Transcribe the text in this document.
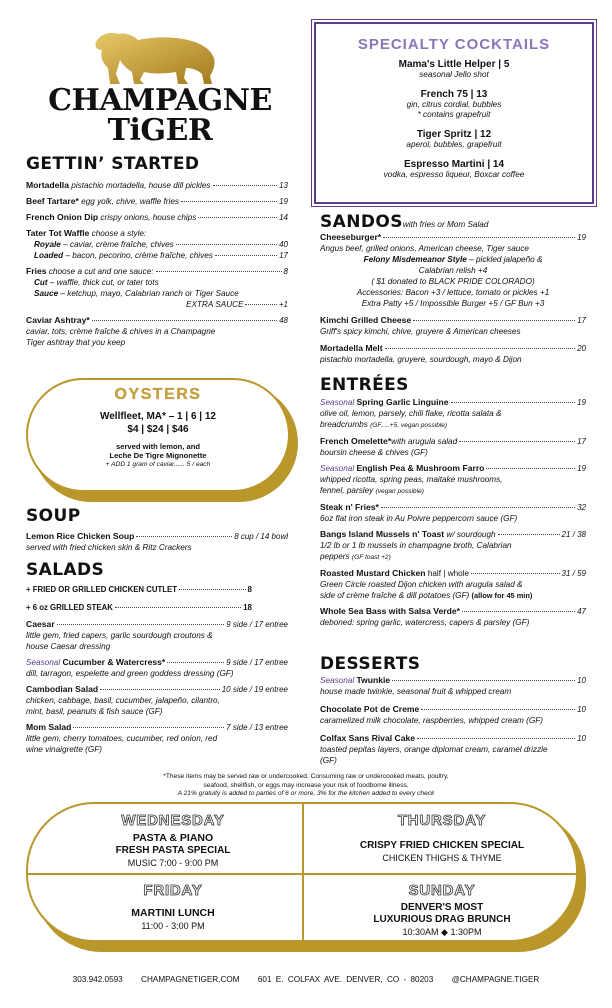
CHAMPAGNE
TiGER
GETTIN’ STARTED
Mortadella pistachio mortadella, house dill pickles	13
Beef Tartare* egg yolk, chive, waffle fries	19
French Onion Dip crispy onions, house chips	14
Tater Tot Waffle choose a style:
Royale – caviar, crème fraîche, chives	40
Loaded – bacon, pecorino, crème fraîche, chives	17
Fries choose a cut and one sauce:	8
Cut – waffle, thick cut, or tater tots
Sauce – ketchup, mayo, Calabrian ranch or Tiger Sauce
EXTRA SAUCE	+1
Caviar Ashtray*	48
caviar, tots, crème fraîche & chives in a Champagne
Tiger ashtray that you keep
OYSTERS
Wellfleet, MA* – 1 | 6 | 12
$4 | $24 | $46
served with lemon, and
Leche De Tigre Mignonette
+ ADD 1 gram of caviar...... 5 / each
SOUP
Lemon Rice Chicken Soup	8 cup / 14 bowl
served with fried chicken skin & Ritz Crackers
SALADS
+ FRIED OR GRILLED CHICKEN CUTLET	8
+ 6 oz GRILLED STEAK	18
Caesar	9 side / 17 entree
little gem, fried capers, garlic sourdough croutons &
house Caesar dressing
Seasonal Cucumber & Watercress*	9 side / 17 entree
dill, tarragon, espelette and green goddess dressing (GF)
Cambodian Salad	10 side / 19 entree
chicken, cabbage, basil, cucumber, jalapeño, cilantro,
mint, basil, peanuts & fish sauce (GF)
Mom Salad	7 side / 13 entree
little gem, cherry tomatoes, cucumber, red onion, red
wine vinaigrette (GF)
SPECIALTY COCKTAILS
Mama's Little Helper | 5
seasonal Jello shot
French 75 | 13
gin, citrus cordial, bubbles
* contains grapefruit
Tiger Spritz | 12
aperol, bubbles, grapefruit
Espresso Martini | 14
vodka, espresso liqueur, Boxcar coffee
SANDOSwith fries or Mom Salad
Cheeseburger*	19
Angus beef, grilled onions, American cheese, Tiger sauce
Felony Misdemeanor Style – pickled jalapeño &
Calabrian relish +4
( $1 donated to BLACK PRIDE COLORADO)
Accessories: Bacon +3 / lettuce, tomato or pickles +1
Extra Patty +5 / Impossible Burger +5 / GF Bun +3
Kimchi Grilled Cheese	17
Griff's spicy kimchi, chive, gruyere & American cheeses
Mortadella Melt	20
pistachio mortadella, gruyere, sourdough, mayo & Dijon
ENTRÉES
Seasonal Spring Garlic Linguine	19
olive oil, lemon, parsely, chili flake, ricotta salata &
breadcrumbs (GF.....+5, vegan possible)
French Omelette*with arugula salad	17
boursin cheese & chives (GF)
Seasonal English Pea & Mushroom Farro	19
whipped ricotta, spring peas, maitake mushrooms,
fennel, parsley (vegan possible)
Steak n' Fries*	32
6oz flat iron steak in Au Poivre peppercorn sauce (GF)
Bangs Island Mussels n' Toast w/ sourdough	21 / 38
1/2 lb or 1 lb mussels in champagne broth, Calabrian
peppers (GF toast +2)
Roasted Mustard Chicken half | whole	31 / 59
Green Circle roasted Dijon chicken with arugula salad &
side of crème fraîche & dill potatoes (GF) (allow for 45 min)
Whole Sea Bass with Salsa Verde*	47
deboned: spring garlic, watercress, capers & parsley (GF)
DESSERTS
Seasonal Twunkie	10
house made twinkie, seasonal fruit & whipped cream
Chocolate Pot de Creme	10
caramelized milk chocolate, raspberries, whipped cream (GF)
Colfax Sans Rival Cake	10
toasted pepitas layers, orange diplomat cream, caramel drizzle
(GF)
*These items may be served raw or undercooked. Consuming raw or undercooked meats, poultry,
seafood, shellfish, or eggs may increase your risk of foodborne illness.
A 21% gratuity is added to parties of 6 or more, 3% for the kitchen added to every check
WEDNESDAY
PASTA & PIANO
FRESH PASTA SPECIAL
MUSIC 7:00 - 9:00 PM
THURSDAY
CRISPY FRIED CHICKEN SPECIAL
CHICKEN THIGHS & THYME
FRIDAY
MARTINI LUNCH
11:00 - 3:00 PM
SUNDAY
DENVER'S MOST
LUXURIOUS DRAG BRUNCH
10:30AM ◆ 1:30PM
303.942.0593 CHAMPAGNETIGER.COM 601 E. COLFAX AVE. DENVER, CO - 80203 @CHAMPAGNE.TIGER
